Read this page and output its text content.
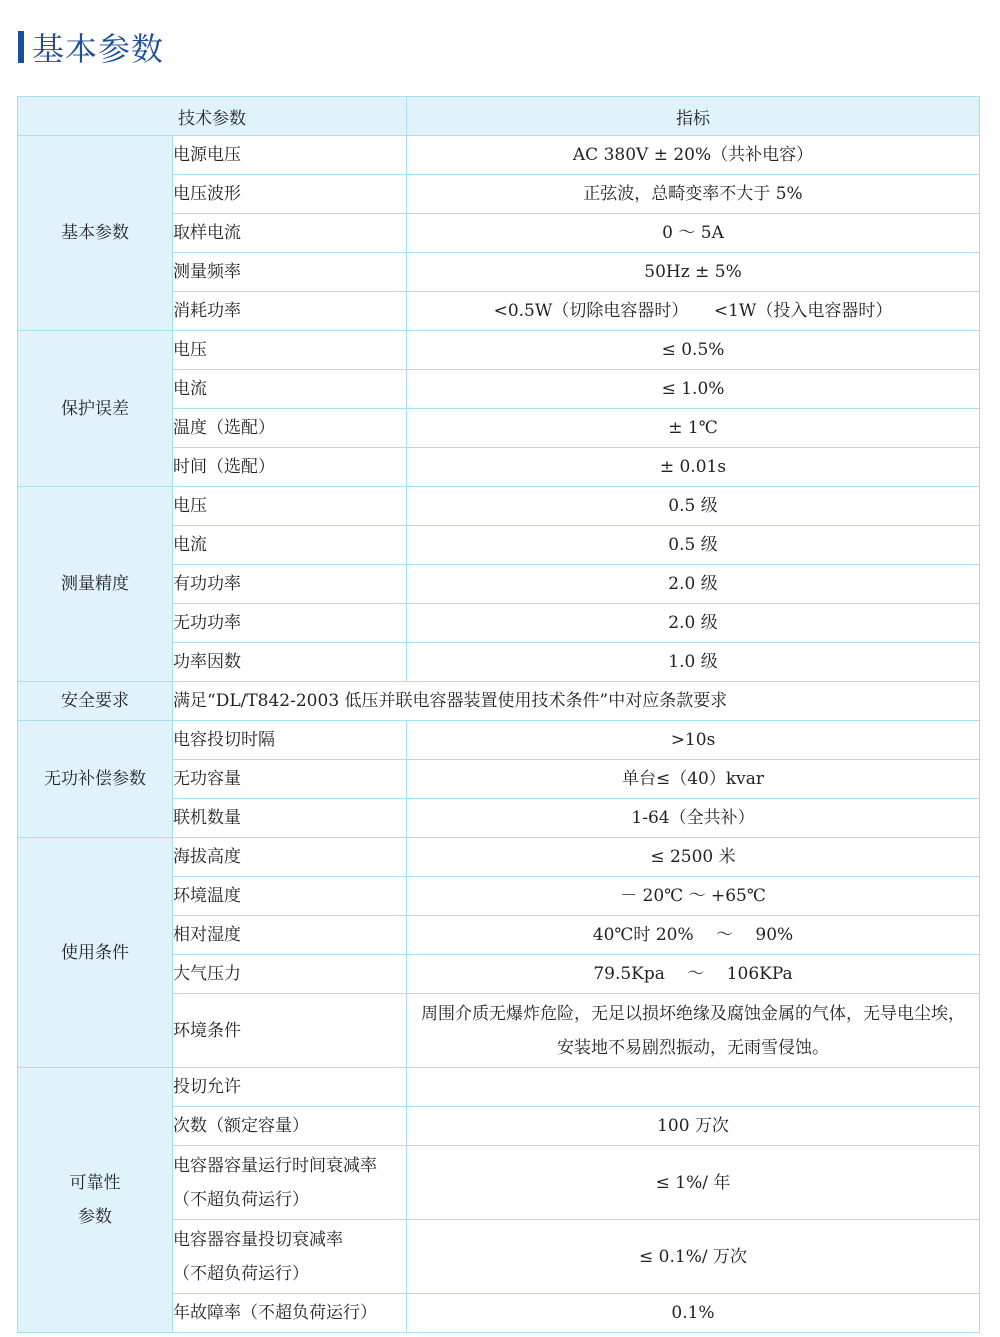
基本参数
技术参数		指标
基本参数	电源电压	AC 380V ± 20%（共补电容）
	电压波形	正弦波，总畸变率不大于 5%
	取样电流	0 ～ 5A
	测量频率	50Hz ± 5%
	消耗功率	<0.5W（切除电容器时）　　<1W（投入电容器时）
保护误差	电压	≤ 0.5%
	电流	≤ 1.0%
	温度（选配）	± 1℃
	时间（选配）	± 0.01s
测量精度	电压	0.5 级
	电流	0.5 级
	有功功率	2.0 级
	无功功率	2.0 级
	功率因数	1.0 级
安全要求	满足“DL/T842-2003 低压并联电容器装置使用技术条件”中对应条款要求	
无功补偿参数	电容投切时隔	>10s
	无功容量	单台≤（40）kvar
	联机数量	1-64（全共补）
使用条件	海拔高度	≤ 2500 米
	环境温度	－ 20℃ ～ +65℃
	相对湿度	40℃时 20%　 ～　 90%
	大气压力	79.5Kpa　 ～　 106KPa
	环境条件	周围介质无爆炸危险，无足以损坏绝缘及腐蚀金属的气体，无导电尘埃，
安装地不易剧烈振动，无雨雪侵蚀。

可靠性
参数	投切允许	
	次数（额定容量）	100 万次

	电容器容量运行时间衰减率
（不超负荷运行）	≤ 1%/ 年

	电容器容量投切衰减率
（不超负荷运行）	≤ 0.1%/ 万次
	年故障率（不超负荷运行）	0.1%
